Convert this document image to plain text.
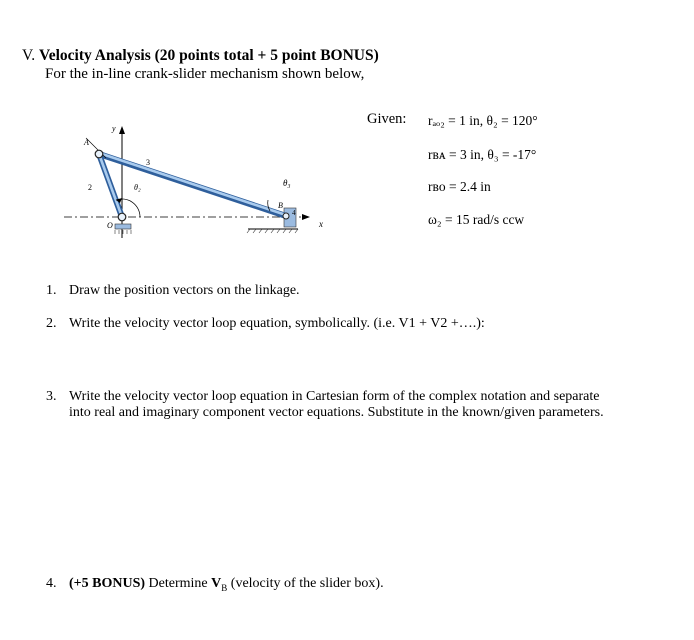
V. Velocity Analysis (20 points total + 5 point BONUS)
For the in-line crank-slider mechanism shown below,
Given: rₐₒ₂ = 1 in, θ₂ = 120°
rʙᴀ = 3 in, θ₃ = -17°
rʙᴏ = 2.4 in
ω₂ = 15 rad/s ccw
y
x
4
θ₂	θ₃
A
B
O
2
3
1. Draw the position vectors on the linkage.
2. Write the velocity vector loop equation, symbolically. (i.e. V1 + V2 +….):
3. Write the velocity vector loop equation in Cartesian form of the complex notation and separate
into real and imaginary component vector equations. Substitute in the known/given parameters.
4. (+5 BONUS) Determine $V_B$ (velocity of the slider box).
